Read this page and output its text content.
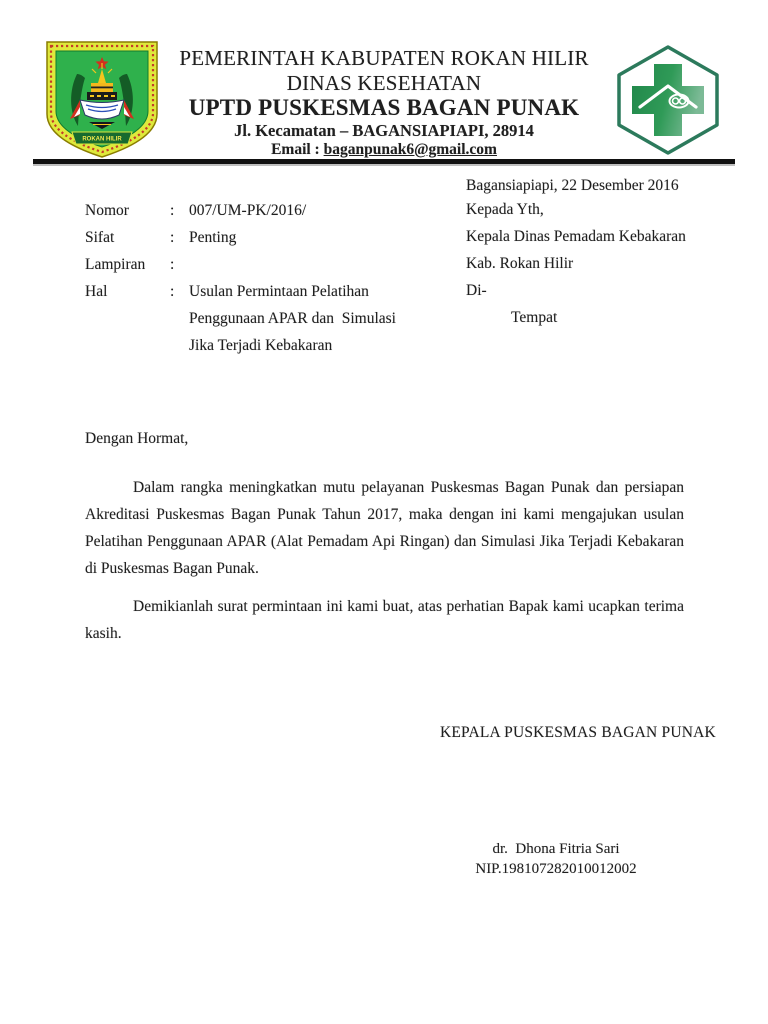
ROKAN HILIR
PEMERINTAH KABUPATEN ROKAN HILIR
DINAS KESEHATAN
UPTD PUSKESMAS BAGAN PUNAK
Jl. Kecamatan – BAGANSIAPIAPI, 28914
Email : baganpunak6@gmail.com
Bagansiapiapi, 22 Desember 2016
Nomor	: 007/UM-PK/2016/
Sifat	: Penting
Lampiran	:
Hal	: Usulan Permintaan Pelatihan
Penggunaan APAR dan  Simulasi
Jika Terjadi Kebakaran
Kepada Yth,
Kepala Dinas Pemadam Kebakaran
Kab. Rokan Hilir
Di-
Tempat
Dengan Hormat,

Dalam rangka meningkatkan mutu pelayanan Puskesmas Bagan Punak dan persiapan Akreditasi Puskesmas Bagan Punak Tahun 2017, maka dengan ini kami mengajukan usulan Pelatihan Penggunaan APAR (Alat Pemadam Api Ringan) dan Simulasi Jika Terjadi Kebakaran di Puskesmas Bagan Punak.

Demikianlah surat permintaan ini kami buat, atas perhatian Bapak kami ucapkan terima kasih.

KEPALA PUSKESMAS BAGAN PUNAK
dr.  Dhona Fitria Sari
NIP.198107282010012002
